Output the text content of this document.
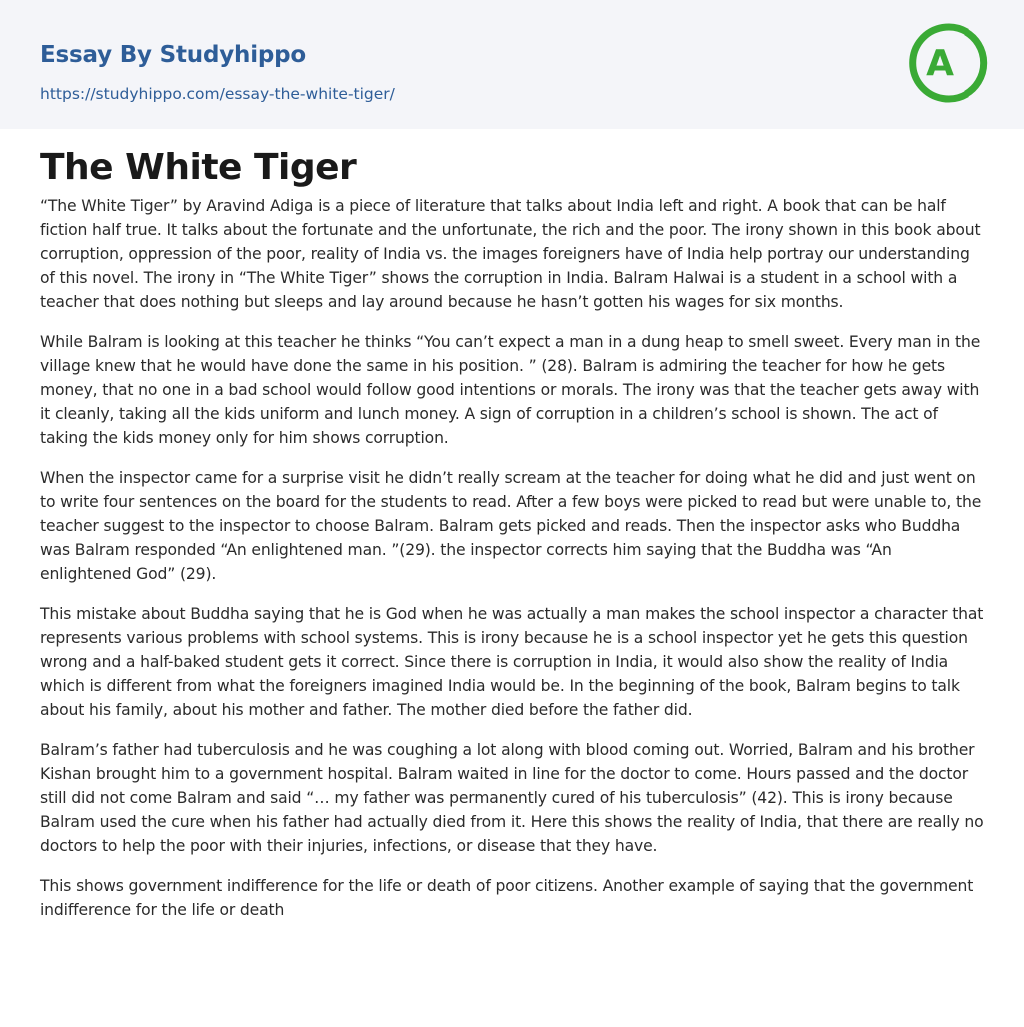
Essay By Studyhippo
https://studyhippo.com/essay-the-white-tiger/
A
The White Tiger

“The White Tiger” by Aravind Adiga is a piece of literature that talks about India left and right. A book that can be half fiction half true. It talks about the fortunate and the unfortunate, the rich and the poor. The irony shown in this book about corruption, oppression of the poor, reality of India vs. the images foreigners have of India help portray our understanding of this novel. The irony in “The White Tiger” shows the corruption in India. Balram Halwai is a student in a school with a teacher that does nothing but sleeps and lay around because he hasn’t gotten his wages for six months.

While Balram is looking at this teacher he thinks “You can’t expect a man in a dung heap to smell sweet. Every man in the village knew that he would have done the same in his position. ” (28). Balram is admiring the teacher for how he gets money, that no one in a bad school would follow good intentions or morals. The irony was that the teacher gets away with it cleanly, taking all the kids uniform and lunch money. A sign of corruption in a children’s school is shown. The act of taking the kids money only for him shows corruption.

When the inspector came for a surprise visit he didn’t really scream at the teacher for doing what he did and just went on to write four sentences on the board for the students to read. After a few boys were picked to read but were unable to, the teacher suggest to the inspector to choose Balram. Balram gets picked and reads. Then the inspector asks who Buddha was Balram responded “An enlightened man. ”(29). the inspector corrects him saying that the Buddha was “An enlightened God” (29).

This mistake about Buddha saying that he is God when he was actually a man makes the school inspector a character that represents various problems with school systems. This is irony because he is a school inspector yet he gets this question wrong and a half-baked student gets it correct. Since there is corruption in India, it would also show the reality of India which is different from what the foreigners imagined India would be. In the beginning of the book, Balram begins to talk about his family, about his mother and father. The mother died before the father did.

Balram’s father had tuberculosis and he was coughing a lot along with blood coming out. Worried, Balram and his brother Kishan brought him to a government hospital. Balram waited in line for the doctor to come. Hours passed and the doctor still did not come Balram and said “… my father was permanently cured of his tuberculosis” (42). This is irony because Balram used the cure when his father had actually died from it. Here this shows the reality of India, that there are really no doctors to help the poor with their injuries, infections, or disease that they have.

This shows government indifference for the life or death of poor citizens. Another example of saying that the government indifference for the life or death
